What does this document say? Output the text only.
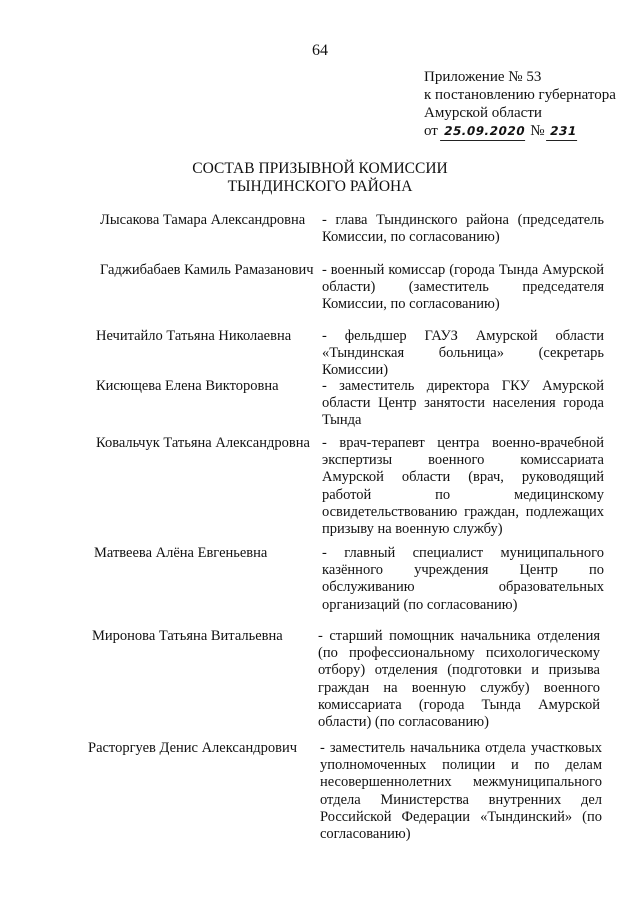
64
Приложение № 53
к постановлению губернатора
Амурской области
от 25.09.2020 № 231
СОСТАВ ПРИЗЫВНОЙ КОМИССИИ
ТЫНДИНСКОГО РАЙОНА
Лысакова Тамара Александровна - глава Тындинского района (председатель Комиссии, по согласованию)
Гаджибабаев Камиль Рамазанович - военный комиссар (города Тында Амурской области) (заместитель председателя Комиссии, по согласованию)
Нечитайло Татьяна Николаевна - фельдшер ГАУЗ Амурской области «Тындинская больница» (секретарь Комиссии)
Кисющева Елена Викторовна	- заместитель директора ГКУ Амурской области Центр занятости населения города Тында
Ковальчук Татьяна Александровна - врач-терапевт центра военно-врачебной экспертизы военного комиссариата Амурской области (врач, руководящий работой по медицинскому освидетельствованию граждан, подлежащих призыву на военную службу)
Матвеева Алёна Евгеньевна	- главный специалист муниципального казённого учреждения Центр по обслуживанию образовательных организаций (по согласованию)
Миронова Татьяна Витальевна - старший помощник начальника отделения (по профессиональному психологическому отбору) отделения (подготовки и призыва граждан на военную службу) военного комиссариата (города Тында Амурской области) (по согласованию)
Расторгуев Денис Александрович - заместитель начальника отдела участковых уполномоченных полиции и по делам несовершеннолетних межмуниципального отдела Министерства внутренних дел Российской Федерации «Тындинский» (по согласованию)
